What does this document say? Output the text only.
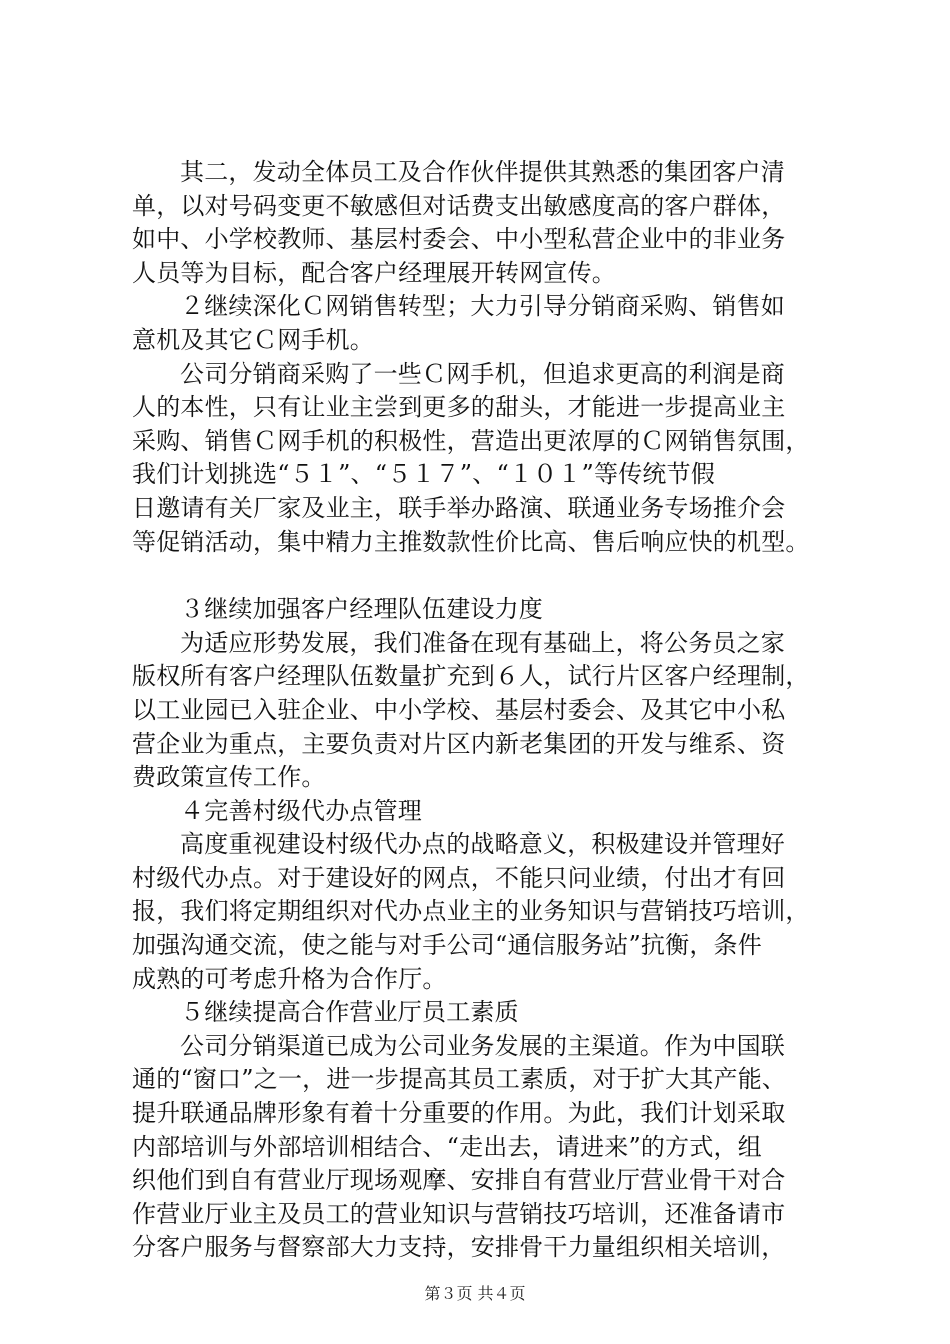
其二，发动全体员工及合作伙伴提供其熟悉的集团客户清
单，以对号码变更不敏感但对话费支出敏感度高的客户群体，
如中、小学校教师、基层村委会、中小型私营企业中的非业务
人员等为目标，配合客户经理展开转网宣传。
２继续深化Ｃ网销售转型；大力引导分销商采购、销售如
意机及其它Ｃ网手机。
公司分销商采购了一些Ｃ网手机，但追求更高的利润是商
人的本性，只有让业主尝到更多的甜头，才能进一步提高业主
采购、销售Ｃ网手机的积极性，营造出更浓厚的Ｃ网销售氛围，
我们计划挑选“５１”、“５１７”、“１０１”等传统节假
日邀请有关厂家及业主，联手举办路演、联通业务专场推介会
等促销活动，集中精力主推数款性价比高、售后响应快的机型。
３继续加强客户经理队伍建设力度
为适应形势发展，我们准备在现有基础上，将公务员之家
版权所有客户经理队伍数量扩充到６人，试行片区客户经理制，
以工业园已入驻企业、中小学校、基层村委会、及其它中小私
营企业为重点，主要负责对片区内新老集团的开发与维系、资
费政策宣传工作。
４完善村级代办点管理
高度重视建设村级代办点的战略意义，积极建设并管理好
村级代办点。对于建设好的网点，不能只问业绩，付出才有回
报，我们将定期组织对代办点业主的业务知识与营销技巧培训，
加强沟通交流，使之能与对手公司“通信服务站”抗衡，条件
成熟的可考虑升格为合作厅。
５继续提高合作营业厅员工素质
公司分销渠道已成为公司业务发展的主渠道。作为中国联
通的“窗口”之一，进一步提高其员工素质，对于扩大其产能、
提升联通品牌形象有着十分重要的作用。为此，我们计划采取
内部培训与外部培训相结合、“走出去，请进来”的方式，组
织他们到自有营业厅现场观摩、安排自有营业厅营业骨干对合
作营业厅业主及员工的营业知识与营销技巧培训，还准备请市
分客户服务与督察部大力支持，安排骨干力量组织相关培训，
第３页 共４页
